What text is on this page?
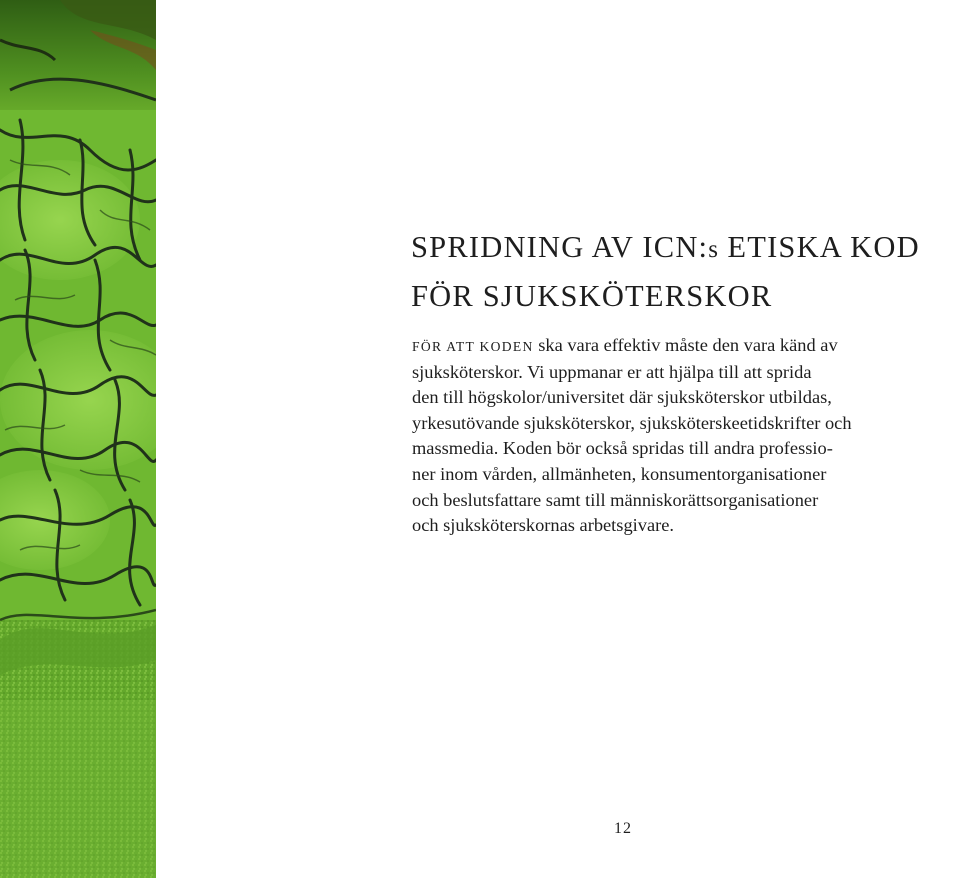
SPRIDNING AV ICN:s ETISKA KOD
FÖR SJUKSKÖTERSKOR
FÖR ATT KODEN ska vara effektiv måste den vara känd av
sjuksköterskor. Vi uppmanar er att hjälpa till att sprida
den till högskolor/universitet där sjuksköterskor utbildas,
yrkesutövande sjuksköterskor, sjuksköterskeetidskrifter och
massmedia. Koden bör också spridas till andra professio-
ner inom vården, allmänheten, konsumentorganisationer
och beslutsfattare samt till människorättsorganisationer
och sjuksköterskornas arbetsgivare.
12
